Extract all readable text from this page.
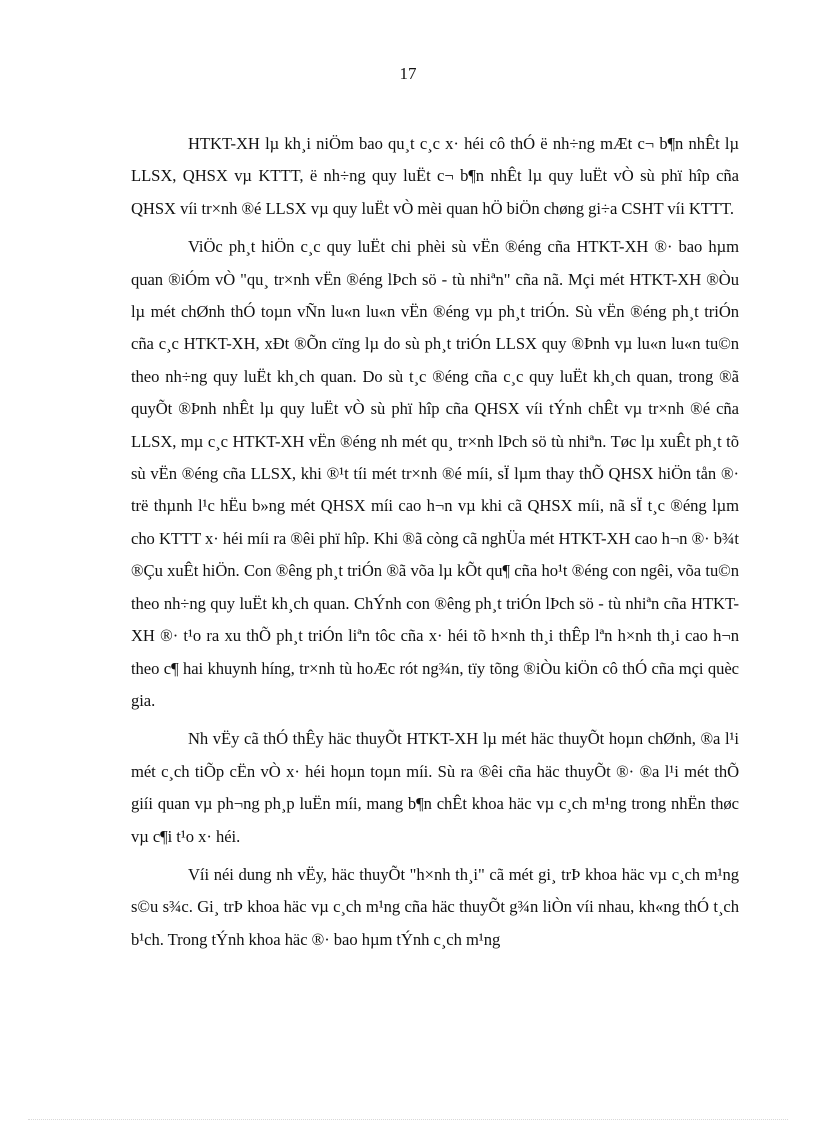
17

HTKT-XH lµ kh¸i niÖm bao qu¸t c¸c x· héi cô thÓ ë nh÷ng mÆt c¬ b¶n nhÊt lµ LLSX, QHSX vµ KTTT, ë nh÷ng quy luËt c¬ b¶n nhÊt lµ quy luËt vÒ sù phï hîp cña QHSX víi tr×nh ®é LLSX vµ quy luËt vÒ mèi quan hÖ biÖn chøng gi÷a CSHT víi KTTT.

ViÖc ph¸t hiÖn c¸c quy luËt chi phèi sù vËn ®éng cña HTKT-XH ®· bao hµm quan ®iÓm vÒ "qu¸ tr×nh vËn ®éng lÞch sö - tù nhiªn" cña nã. Mçi mét HTKT-XH ®Òu lµ mét chØnh thÓ toµn vÑn lu«n lu«n vËn ®éng vµ ph¸t triÓn. Sù vËn ®éng ph¸t triÓn cña c¸c HTKT-XH, xÐt ®Õn cïng lµ do sù ph¸t triÓn LLSX quy ®Þnh vµ lu«n lu«n tu©n theo nh÷ng quy luËt kh¸ch quan. Do sù t¸c ®éng cña c¸c quy luËt kh¸ch quan, trong ®ã quyÕt ®Þnh nhÊt lµ quy luËt vÒ sù phï hîp cña QHSX víi tÝnh chÊt vµ tr×nh ®é cña LLSX, mµ c¸c HTKT-XH vËn ®éng nh mét qu¸ tr×nh lÞch sö tù nhiªn. Tøc lµ xuÊt ph¸t tõ sù vËn ®éng cña LLSX, khi ®¹t tíi mét tr×nh ®é míi, sÏ lµm thay thÕ QHSX hiÖn tån ®· trë thµnh l¹c hËu b»ng mét QHSX míi cao h¬n vµ khi cã QHSX míi, nã sÏ t¸c ®éng lµm cho KTTT x· héi míi ra ®êi phï hîp. Khi ®ã còng cã nghÜa mét HTKT-XH cao h¬n ®· b¾t ®Çu xuÊt hiÖn. Con ®êng ph¸t triÓn ®ã võa lµ kÕt qu¶ cña ho¹t ®éng con ngêi, võa tu©n theo nh÷ng quy luËt kh¸ch quan. ChÝnh con ®êng ph¸t triÓn lÞch sö - tù nhiªn cña HTKT-XH ®· t¹o ra xu thÕ ph¸t triÓn liªn tôc cña x· héi tõ h×nh th¸i thÊp lªn h×nh th¸i cao h¬n theo c¶ hai khuynh híng, tr×nh tù hoÆc rót ng¾n, tïy tõng ®iÒu kiÖn cô thÓ cña mçi quèc gia.

Nh vËy cã thÓ thÊy häc thuyÕt HTKT-XH lµ mét häc thuyÕt hoµn chØnh, ®a l¹i mét c¸ch tiÕp cËn vÒ x· héi hoµn toµn míi. Sù ra ®êi cña häc thuyÕt ®· ®a l¹i mét thÕ giíi quan vµ ph¬ng ph¸p luËn míi, mang b¶n chÊt khoa häc vµ c¸ch m¹ng trong nhËn thøc vµ c¶i t¹o x· héi.

Víi néi dung nh vËy, häc thuyÕt "h×nh th¸i" cã mét gi¸ trÞ khoa häc vµ c¸ch m¹ng s©u s¾c. Gi¸ trÞ khoa häc vµ c¸ch m¹ng cña häc thuyÕt g¾n liÒn víi nhau, kh«ng thÓ t¸ch b¹ch. Trong tÝnh khoa häc ®· bao hµm tÝnh c¸ch m¹ng
